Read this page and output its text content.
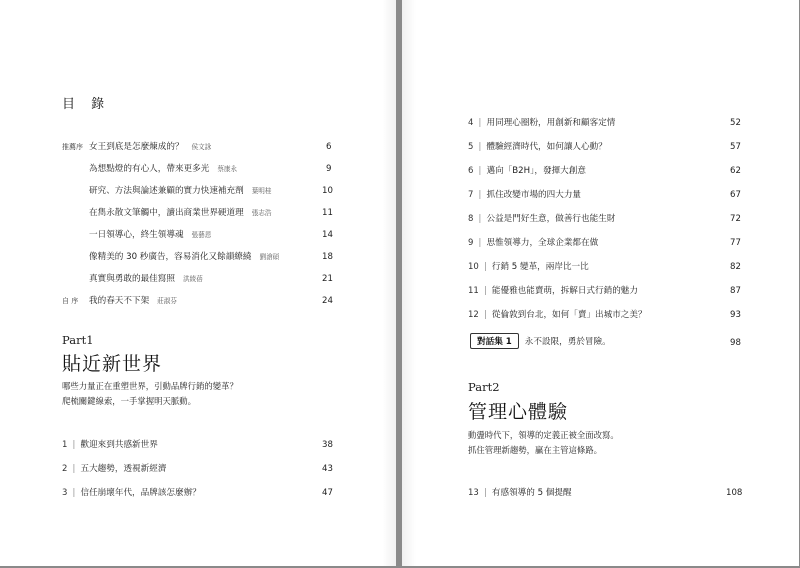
目 錄
推薦序 女王到底是怎麼煉成的？ 侯文詠	6
為想點燈的有心人，帶來更多光 蔡康永	9
研究、方法與論述兼顧的實力快速補充劑 葉明桂	10
在雋永散文筆觸中，讀出商業世界硬道理 張志浩	11
一日領導心，終生領導魂 張藝恩	14
像精美的 30 秒廣告，容易消化又餘韻繚繞 劉滄碩	18
真實與勇敢的最佳寫照 洪綾蓓	21
自 序	我的春天不下架 莊淑芬	24
Part1
貼近新世界
哪些力量正在重塑世界，引動品牌行銷的變革？
爬梳關鍵線索，一手掌握明天脈動。
1 | 歡迎來到共感新世界	38
2 | 五大趨勢，透視新經濟	43
3 | 信任崩壞年代，品牌該怎麼辦？	47
4 | 用同理心圈粉，用創新和顧客定情	52
5 | 體驗經濟時代，如何讓人心動？	57
6 | 邁向「B2H」，發揮大創意	62
7 | 抓住改變市場的四大力量	67
8 | 公益是門好生意，做善行也能生財	72
9 | 思惟領導力，全球企業都在做	77
10 | 行銷 5 變革，兩岸比一比	82
11 | 能優雅也能賣萌，拆解日式行銷的魅力	87
12 | 從倫敦到台北，如何「賣」出城市之美？	93
對話集 1	永不設限，勇於冒險。	98
Part2
管理心體驗
動盪時代下，領導的定義正被全面改寫。
抓住管理新趨勢，贏在主管這條路。
13 | 有感領導的 5 個提醒	108
